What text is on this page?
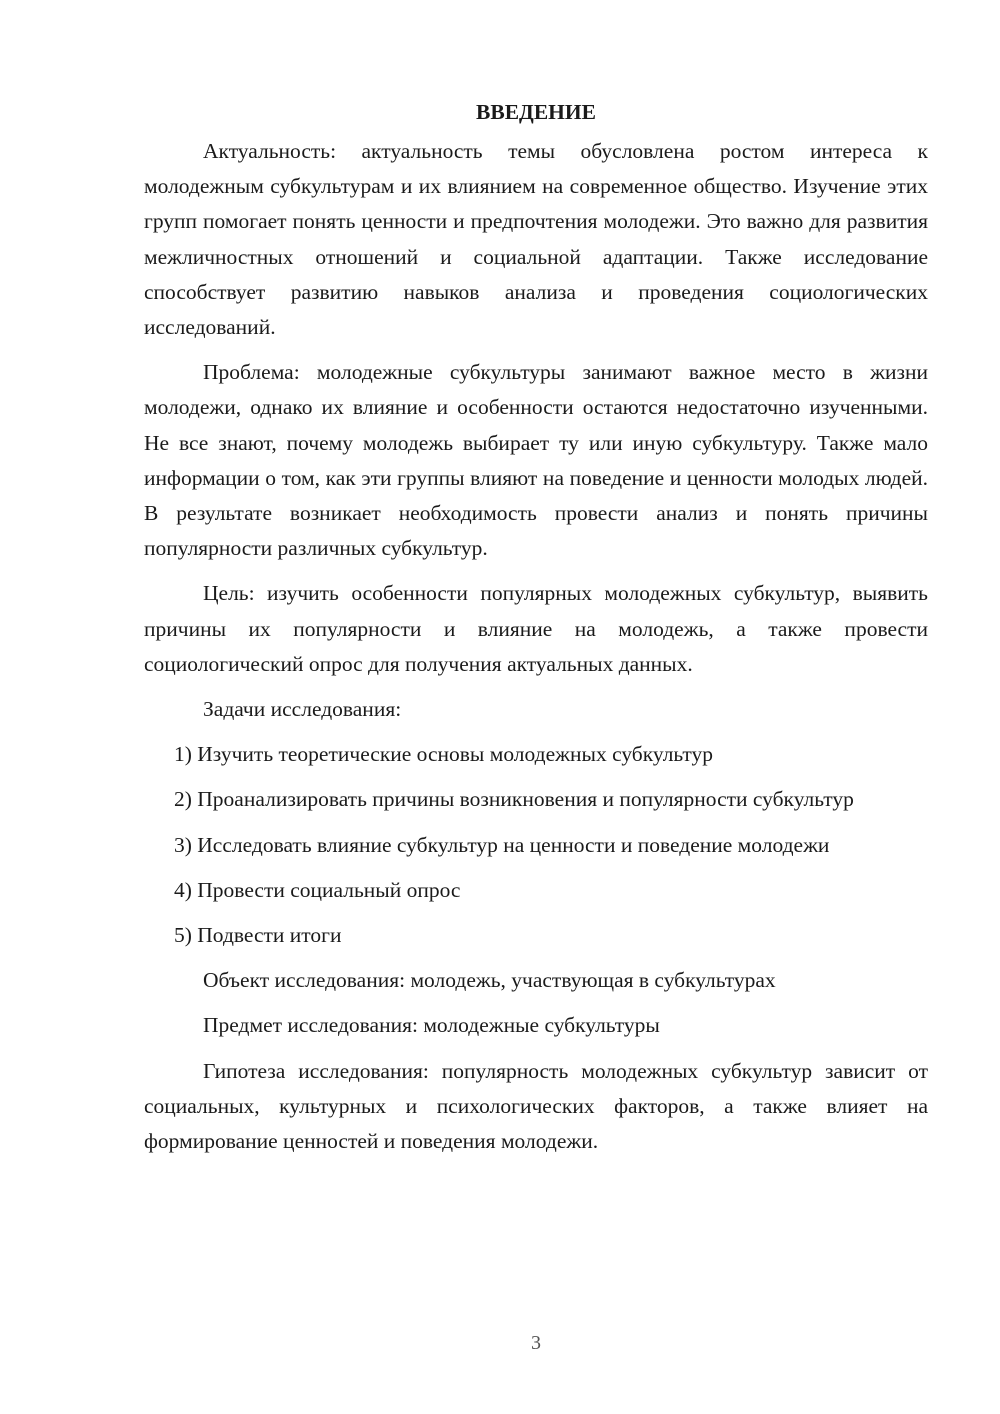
ВВЕДЕНИЕ

Актуальность: актуальность темы обусловлена ростом интереса к молодежным субкультурам и их влиянием на современное общество. Изучение этих групп помогает понять ценности и предпочтения молодежи. Это важно для развития межличностных отношений и социальной адаптации. Также исследование способствует развитию навыков анализа и проведения социологических исследований.

Проблема: молодежные субкультуры занимают важное место в жизни молодежи, однако их влияние и особенности остаются недостаточно изученными. Не все знают, почему молодежь выбирает ту или иную субкультуру. Также мало информации о том, как эти группы влияют на поведение и ценности молодых людей. В результате возникает необходимость провести анализ и понять причины популярности различных субкультур.

Цель: изучить особенности популярных молодежных субкультур, выявить причины их популярности и влияние на молодежь, а также провести социологический опрос для получения актуальных данных.

Задачи исследования:

1) Изучить теоретические основы молодежных субкультур

2) Проанализировать причины возникновения и популярности субкультур

3) Исследовать влияние субкультур на ценности и поведение молодежи

4) Провести социальный опрос

5) Подвести итоги

Объект исследования: молодежь, участвующая в субкультурах

Предмет исследования: молодежные субкультуры

Гипотеза исследования: популярность молодежных субкультур зависит от социальных, культурных и психологических факторов, а также влияет на формирование ценностей и поведения молодежи.

3
